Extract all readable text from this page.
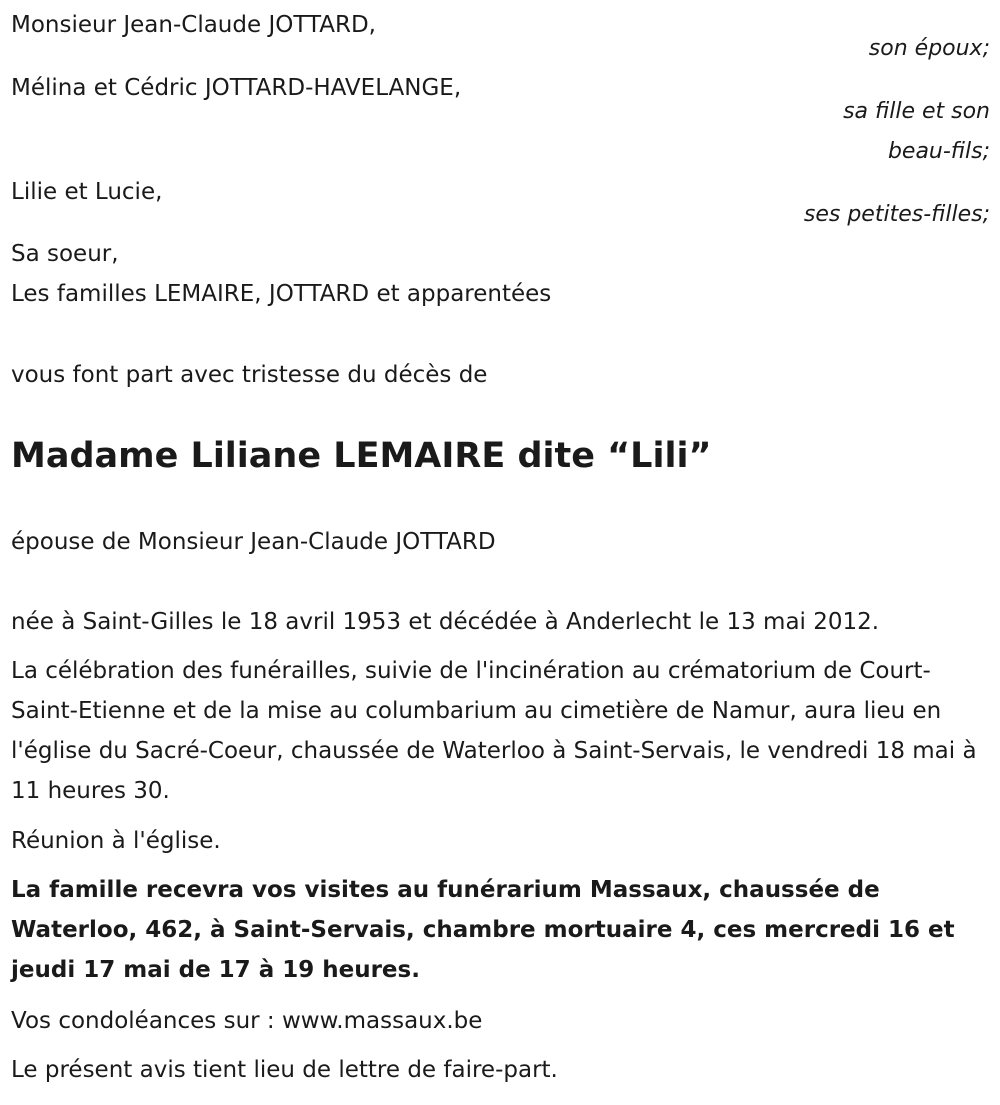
Monsieur Jean-Claude JOTTARD,
son époux;
Mélina et Cédric JOTTARD-HAVELANGE,
sa fille et son
beau-fils;
Lilie et Lucie,
ses petites-filles;
Sa soeur,
Les familles LEMAIRE, JOTTARD et apparentées
vous font part avec tristesse du décès de
Madame Liliane LEMAIRE dite “Lili”
épouse de Monsieur Jean-Claude JOTTARD
née à Saint-Gilles le 18 avril 1953 et décédée à Anderlecht le 13 mai 2012.
La célébration des funérailles, suivie de l'incinération au crématorium de Court-Saint-Etienne et de la mise au columbarium au cimetière de Namur, aura lieu en l'église du Sacré-Coeur, chaussée de Waterloo à Saint-Servais, le vendredi 18 mai à 11 heures 30.
Réunion à l'église.
La famille recevra vos visites au funérarium Massaux, chaussée de Waterloo, 462, à Saint-Servais, chambre mortuaire 4, ces mercredi 16 et jeudi 17 mai de 17 à 19 heures.
Vos condoléances sur : www.massaux.be
Le présent avis tient lieu de lettre de faire-part.
